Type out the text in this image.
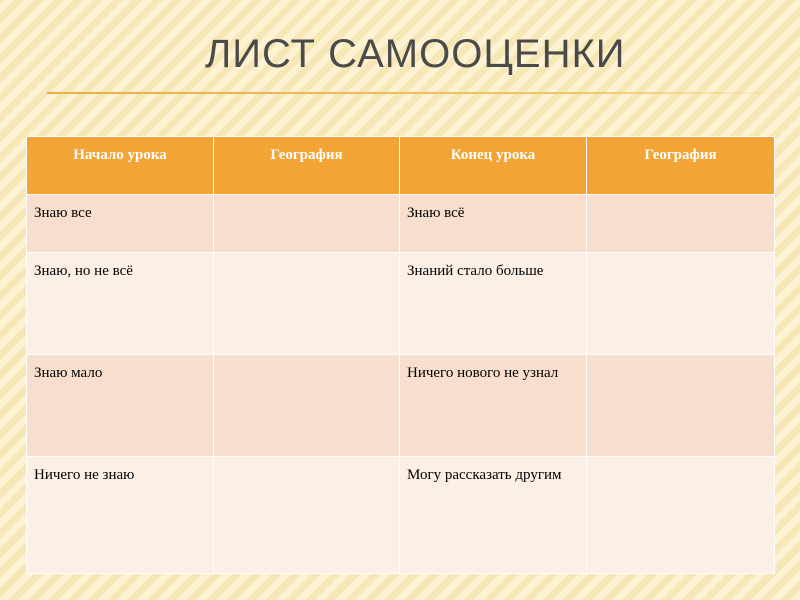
ЛИСТ САМООЦЕНКИ
Начало урока	География	Конец урока	География
Знаю все		Знаю всё	
Знаю, но не всё		Знаний стало больше	
Знаю мало		Ничего нового не узнал	
Ничего не знаю		Могу рассказать другим	
